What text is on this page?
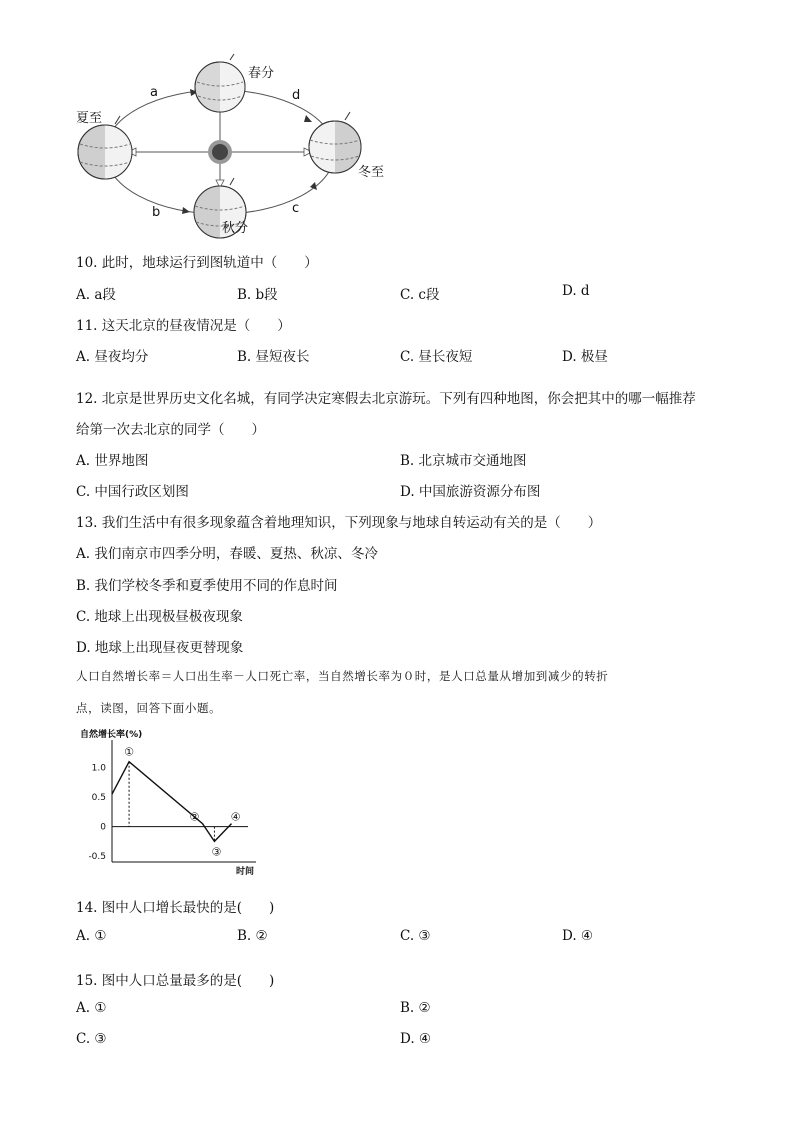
春分
夏至
冬至
秋分
a
b	c
d
10. 此时，地球运行到图轨道中（　　）
A. a段	B. b段	C. c段	D. d
11. 这天北京的昼夜情况是（　　）
A. 昼夜均分	B. 昼短夜长	C. 昼长夜短	D. 极昼
12. 北京是世界历史文化名城，有同学决定寒假去北京游玩。下列有四种地图，你会把其中的哪一幅推荐
给第一次去北京的同学（　　）
A. 世界地图	B. 北京城市交通地图
C. 中国行政区划图	D. 中国旅游资源分布图
13. 我们生活中有很多现象蕴含着地理知识，下列现象与地球自转运动有关的是（　　）
A. 我们南京市四季分明，春暖、夏热、秋凉、冬冷
B. 我们学校冬季和夏季使用不同的作息时间
C. 地球上出现极昼极夜现象
D. 地球上出现昼夜更替现象
人口自然增长率＝人口出生率－人口死亡率，当自然增长率为０时，是人口总量从增加到减少的转折
点，读图，回答下面小题。
自然增长率(%)
时间
1.0
0.5
0
-0.5
①
②
③
④
14. 图中人口增长最快的是(　　)
A. ①	B. ②	C. ③	D. ④
15. 图中人口总量最多的是(　　)
A. ①	B. ②
C. ③	D. ④
